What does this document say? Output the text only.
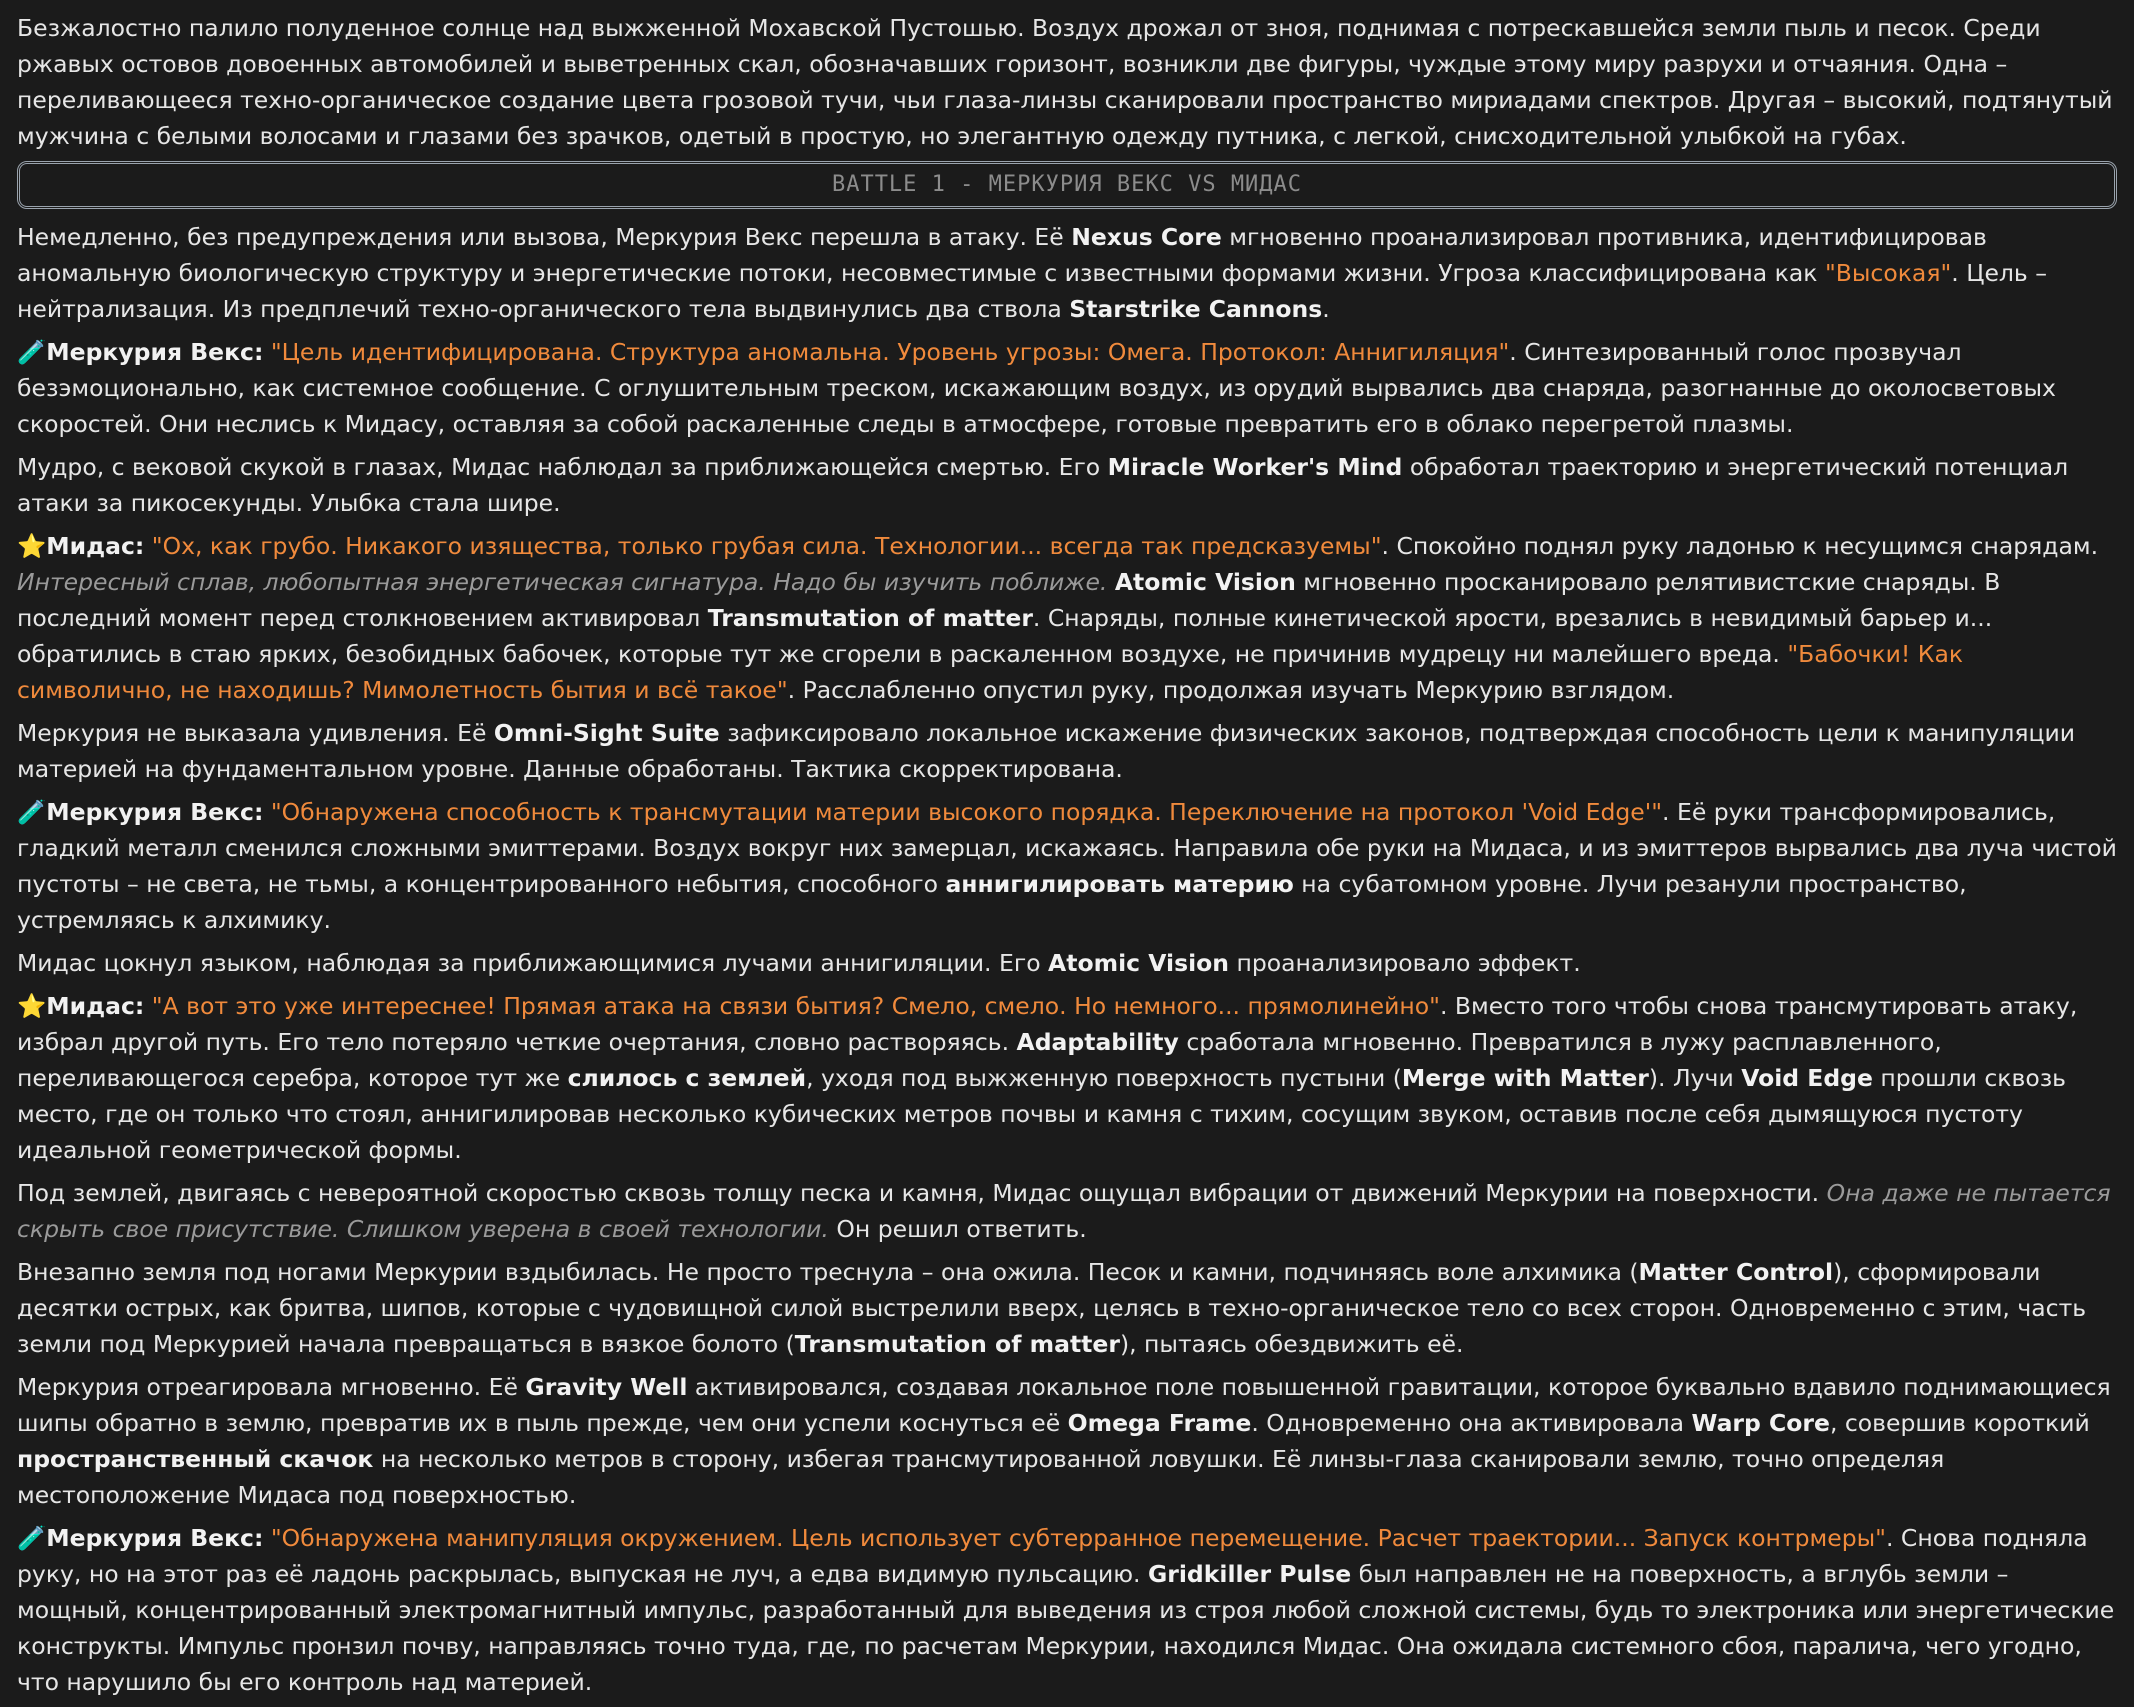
Безжалостно палило полуденное солнце над выжженной Мохавской Пустошью. Воздух дрожал от зноя, поднимая с потрескавшейся земли пыль и песок. Среди ржавых остовов довоенных автомобилей и выветренных скал, обозначавших горизонт, возникли две фигуры, чуждые этому миру разрухи и отчаяния. Одна – переливающееся техно-органическое создание цвета грозовой тучи, чьи глаза-линзы сканировали пространство мириадами спектров. Другая – высокий, подтянутый мужчина с белыми волосами и глазами без зрачков, одетый в простую, но элегантную одежду путника, с легкой, снисходительной улыбкой на губах.

BATTLE 1 - МЕРКУРИЯ ВЕКС VS МИДАС

Немедленно, без предупреждения или вызова, Меркурия Векс перешла в атаку. Её Nexus Core мгновенно проанализировал противника, идентифицировав аномальную биологическую структуру и энергетические потоки, несовместимые с известными формами жизни. Угроза классифицирована как "Высокая". Цель – нейтрализация. Из предплечий техно-органического тела выдвинулись два ствола Starstrike Cannons.

🧪Меркурия Векс: "Цель идентифицирована. Структура аномальна. Уровень угрозы: Омега. Протокол: Аннигиляция". Синтезированный голос прозвучал безэмоционально, как системное сообщение. С оглушительным треском, искажающим воздух, из орудий вырвались два снаряда, разогнанные до околосветовых скоростей. Они неслись к Мидасу, оставляя за собой раскаленные следы в атмосфере, готовые превратить его в облако перегретой плазмы.

Мудро, с вековой скукой в глазах, Мидас наблюдал за приближающейся смертью. Его Miracle Worker's Mind обработал траекторию и энергетический потенциал атаки за пикосекунды. Улыбка стала шире.

⭐Мидас: "Ох, как грубо. Никакого изящества, только грубая сила. Технологии... всегда так предсказуемы". Спокойно поднял руку ладонью к несущимся снарядам. Интересный сплав, любопытная энергетическая сигнатура. Надо бы изучить поближе. Atomic Vision мгновенно просканировало релятивистские снаряды. В последний момент перед столкновением активировал Transmutation of matter. Снаряды, полные кинетической ярости, врезались в невидимый барьер и... обратились в стаю ярких, безобидных бабочек, которые тут же сгорели в раскаленном воздухе, не причинив мудрецу ни малейшего вреда. "Бабочки! Как символично, не находишь? Мимолетность бытия и всё такое". Расслабленно опустил руку, продолжая изучать Меркурию взглядом.

Меркурия не выказала удивления. Её Omni-Sight Suite зафиксировало локальное искажение физических законов, подтверждая способность цели к манипуляции материей на фундаментальном уровне. Данные обработаны. Тактика скорректирована.

🧪Меркурия Векс: "Обнаружена способность к трансмутации материи высокого порядка. Переключение на протокол 'Void Edge'". Её руки трансформировались, гладкий металл сменился сложными эмиттерами. Воздух вокруг них замерцал, искажаясь. Направила обе руки на Мидаса, и из эмиттеров вырвались два луча чистой пустоты – не света, не тьмы, а концентрированного небытия, способного аннигилировать материю на субатомном уровне. Лучи резанули пространство, устремляясь к алхимику.

Мидас цокнул языком, наблюдая за приближающимися лучами аннигиляции. Его Atomic Vision проанализировало эффект.

⭐Мидас: "А вот это уже интереснее! Прямая атака на связи бытия? Смело, смело. Но немного... прямолинейно". Вместо того чтобы снова трансмутировать атаку, избрал другой путь. Его тело потеряло четкие очертания, словно растворяясь. Adaptability сработала мгновенно. Превратился в лужу расплавленного, переливающегося серебра, которое тут же слилось с землей, уходя под выжженную поверхность пустыни (Merge with Matter). Лучи Void Edge прошли сквозь место, где он только что стоял, аннигилировав несколько кубических метров почвы и камня с тихим, сосущим звуком, оставив после себя дымящуюся пустоту идеальной геометрической формы.

Под землей, двигаясь с невероятной скоростью сквозь толщу песка и камня, Мидас ощущал вибрации от движений Меркурии на поверхности. Она даже не пытается скрыть свое присутствие. Слишком уверена в своей технологии. Он решил ответить.

Внезапно земля под ногами Меркурии вздыбилась. Не просто треснула – она ожила. Песок и камни, подчиняясь воле алхимика (Matter Control), сформировали десятки острых, как бритва, шипов, которые с чудовищной силой выстрелили вверх, целясь в техно-органическое тело со всех сторон. Одновременно с этим, часть земли под Меркурией начала превращаться в вязкое болото (Transmutation of matter), пытаясь обездвижить её.

Меркурия отреагировала мгновенно. Её Gravity Well активировался, создавая локальное поле повышенной гравитации, которое буквально вдавило поднимающиеся шипы обратно в землю, превратив их в пыль прежде, чем они успели коснуться её Omega Frame. Одновременно она активировала Warp Core, совершив короткий пространственный скачок на несколько метров в сторону, избегая трансмутированной ловушки. Её линзы-глаза сканировали землю, точно определяя местоположение Мидаса под поверхностью.

🧪Меркурия Векс: "Обнаружена манипуляция окружением. Цель использует субтерранное перемещение. Расчет траектории... Запуск контрмеры". Снова подняла руку, но на этот раз её ладонь раскрылась, выпуская не луч, а едва видимую пульсацию. Gridkiller Pulse был направлен не на поверхность, а вглубь земли – мощный, концентрированный электромагнитный импульс, разработанный для выведения из строя любой сложной системы, будь то электроника или энергетические конструкты. Импульс пронзил почву, направляясь точно туда, где, по расчетам Меркурии, находился Мидас. Она ожидала системного сбоя, паралича, чего угодно, что нарушило бы его контроль над материей.
